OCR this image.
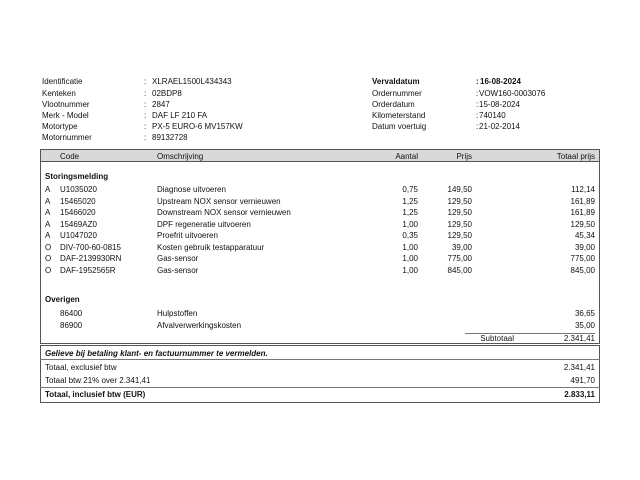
Identificatie	: XLRAEL1500L434343
Kenteken	: 02BDP8
Vlootnummer	: 2847
Merk - Model	: DAF LF 210 FA
Motortype	: PX-5 EURO-6 MV157KW
Motornummer	: 89132728
Vervaldatum	: 16-08-2024
Ordernummer	: VOW160-0003076
Orderdatum	: 15-08-2024
Kilometerstand	: 740140
Datum voertuig	: 21-02-2014
Code	Omschrijving	Aantal	Prijs	Totaal prijs
Storingsmelding
A U1035020	Diagnose uitvoeren	0,75	149,50	112,14
A 15465020	Upstream NOX sensor vernieuwen	1,25	129,50	161,89
A 15466020	Downstream NOX sensor vernieuwen	1,25	129,50	161,89
A 15469AZ0	DPF regeneratie uitvoeren	1,00	129,50	129,50
A U1047020	Proefrit uitvoeren	0,35	129,50	45,34
O DIV-700-60-0815	Kosten gebruik testapparatuur	1,00	39,00	39,00
O DAF-2139930RN	Gas-sensor	1,00	775,00	775,00
O DAF-1952565R	Gas-sensor	1,00	845,00	845,00
Overigen
86400	Hulpstoffen	36,65
86900	Afvalverwerkingskosten	35,00
Subtotaal	2.341,41
Gelieve bij betaling klant- en factuurnummer te vermelden.
Totaal, exclusief btw	2.341,41
Totaal btw 21% over 2.341,41	491,70
Totaal, inclusief btw (EUR)	2.833,11
